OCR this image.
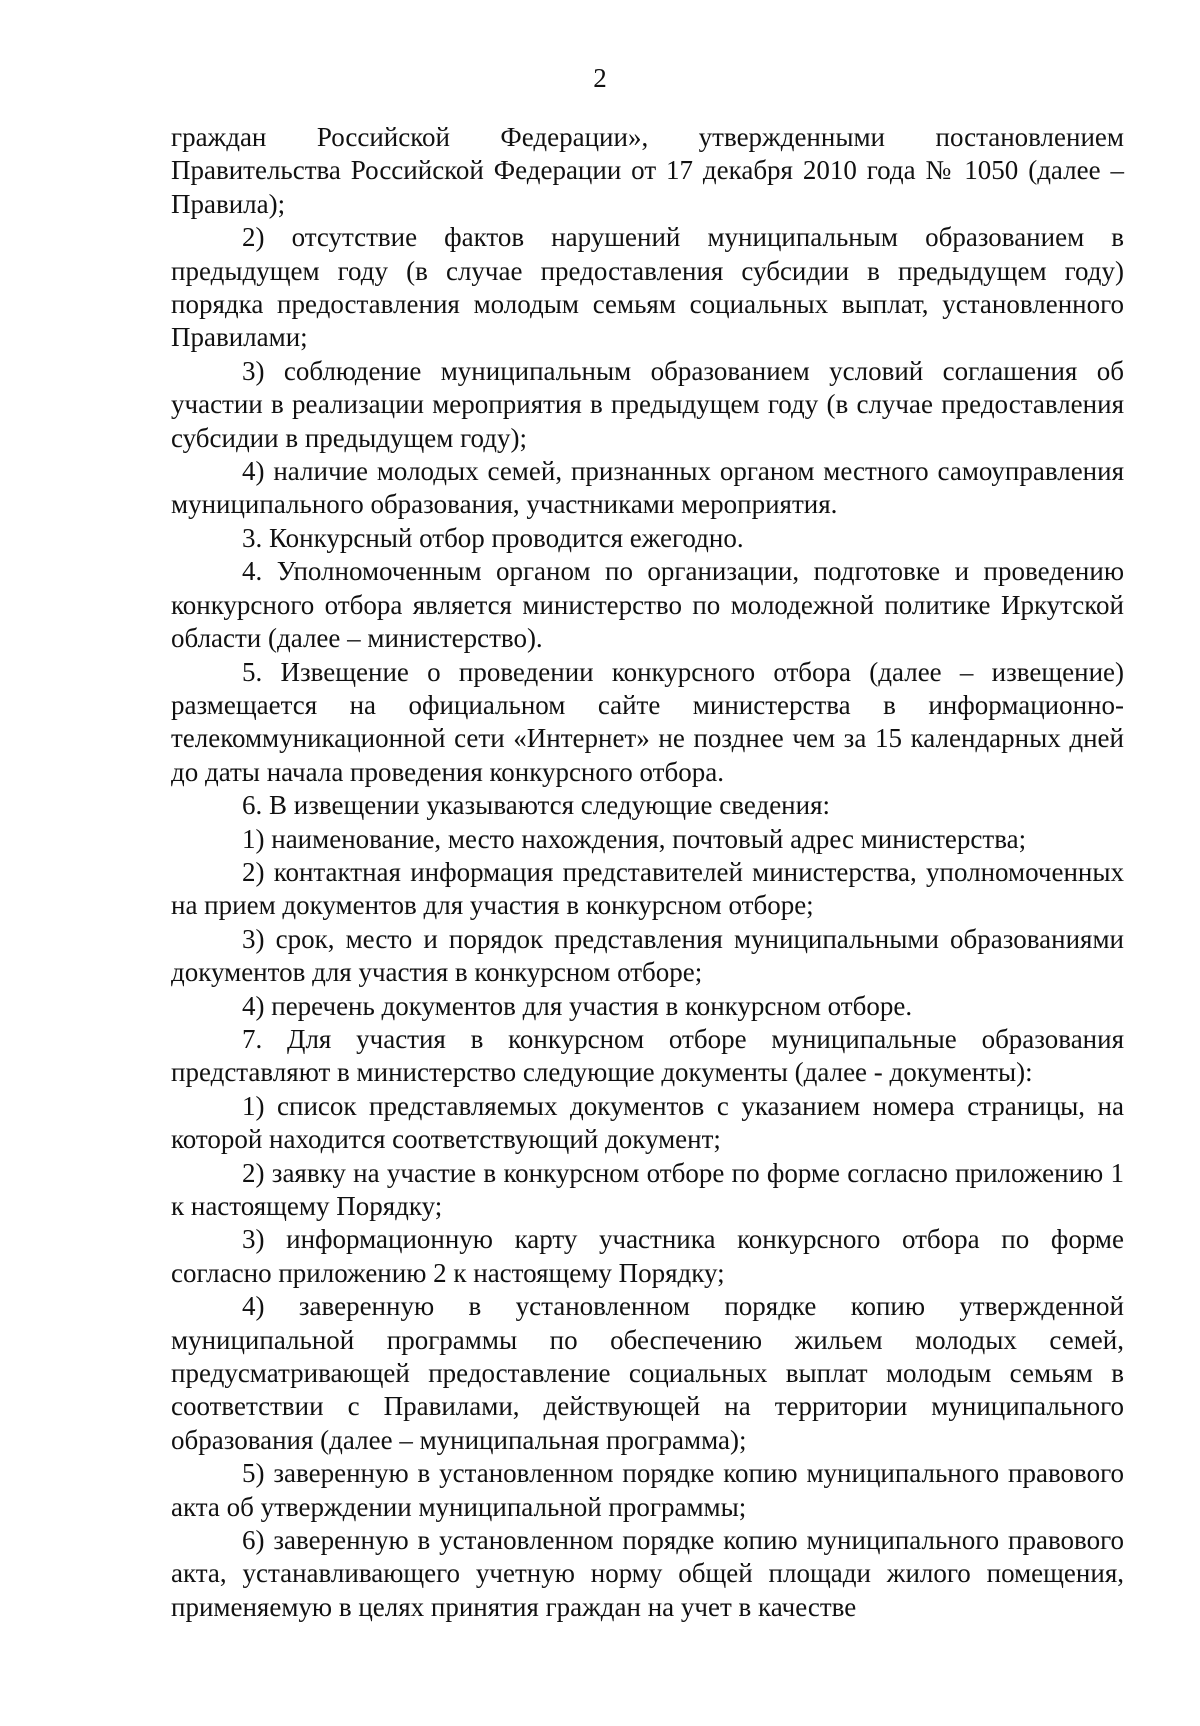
2

граждан Российской Федерации», утвержденными постановлением Правительства Российской Федерации от 17 декабря 2010 года № 1050 (далее – Правила);

2) отсутствие фактов нарушений муниципальным образованием в предыдущем году (в случае предоставления субсидии в предыдущем году) порядка предоставления молодым семьям социальных выплат, установленного Правилами;

3) соблюдение муниципальным образованием условий соглашения об участии в реализации мероприятия в предыдущем году (в случае предоставления субсидии в предыдущем году);

4) наличие молодых семей, признанных органом местного самоуправления муниципального образования, участниками мероприятия.

3. Конкурсный отбор проводится ежегодно.

4. Уполномоченным органом по организации, подготовке и проведению конкурсного отбора является министерство по молодежной политике Иркутской области (далее – министерство).

5. Извещение о проведении конкурсного отбора (далее – извещение) размещается на официальном сайте министерства в информационно-телекоммуникационной сети «Интернет» не позднее чем за 15 календарных дней до даты начала проведения конкурсного отбора.

6. В извещении указываются следующие сведения:

1) наименование, место нахождения, почтовый адрес министерства;

2) контактная информация представителей министерства, уполномоченных на прием документов для участия в конкурсном отборе;

3) срок, место и порядок представления муниципальными образованиями документов для участия в конкурсном отборе;

4) перечень документов для участия в конкурсном отборе.

7. Для участия в конкурсном отборе муниципальные образования представляют в министерство следующие документы (далее - документы):

1) список представляемых документов с указанием номера страницы, на которой находится соответствующий документ;

2) заявку на участие в конкурсном отборе по форме согласно приложению 1 к настоящему Порядку;

3) информационную карту участника конкурсного отбора по форме согласно приложению 2 к настоящему Порядку;

4) заверенную в установленном порядке копию утвержденной муниципальной программы по обеспечению жильем молодых семей, предусматривающей предоставление социальных выплат молодым семьям в соответствии с Правилами, действующей на территории муниципального образования (далее – муниципальная программа);

5) заверенную в установленном порядке копию муниципального правового акта об утверждении муниципальной программы;

6) заверенную в установленном порядке копию муниципального правового акта, устанавливающего учетную норму общей площади жилого помещения, применяемую в целях принятия граждан на учет в качестве
